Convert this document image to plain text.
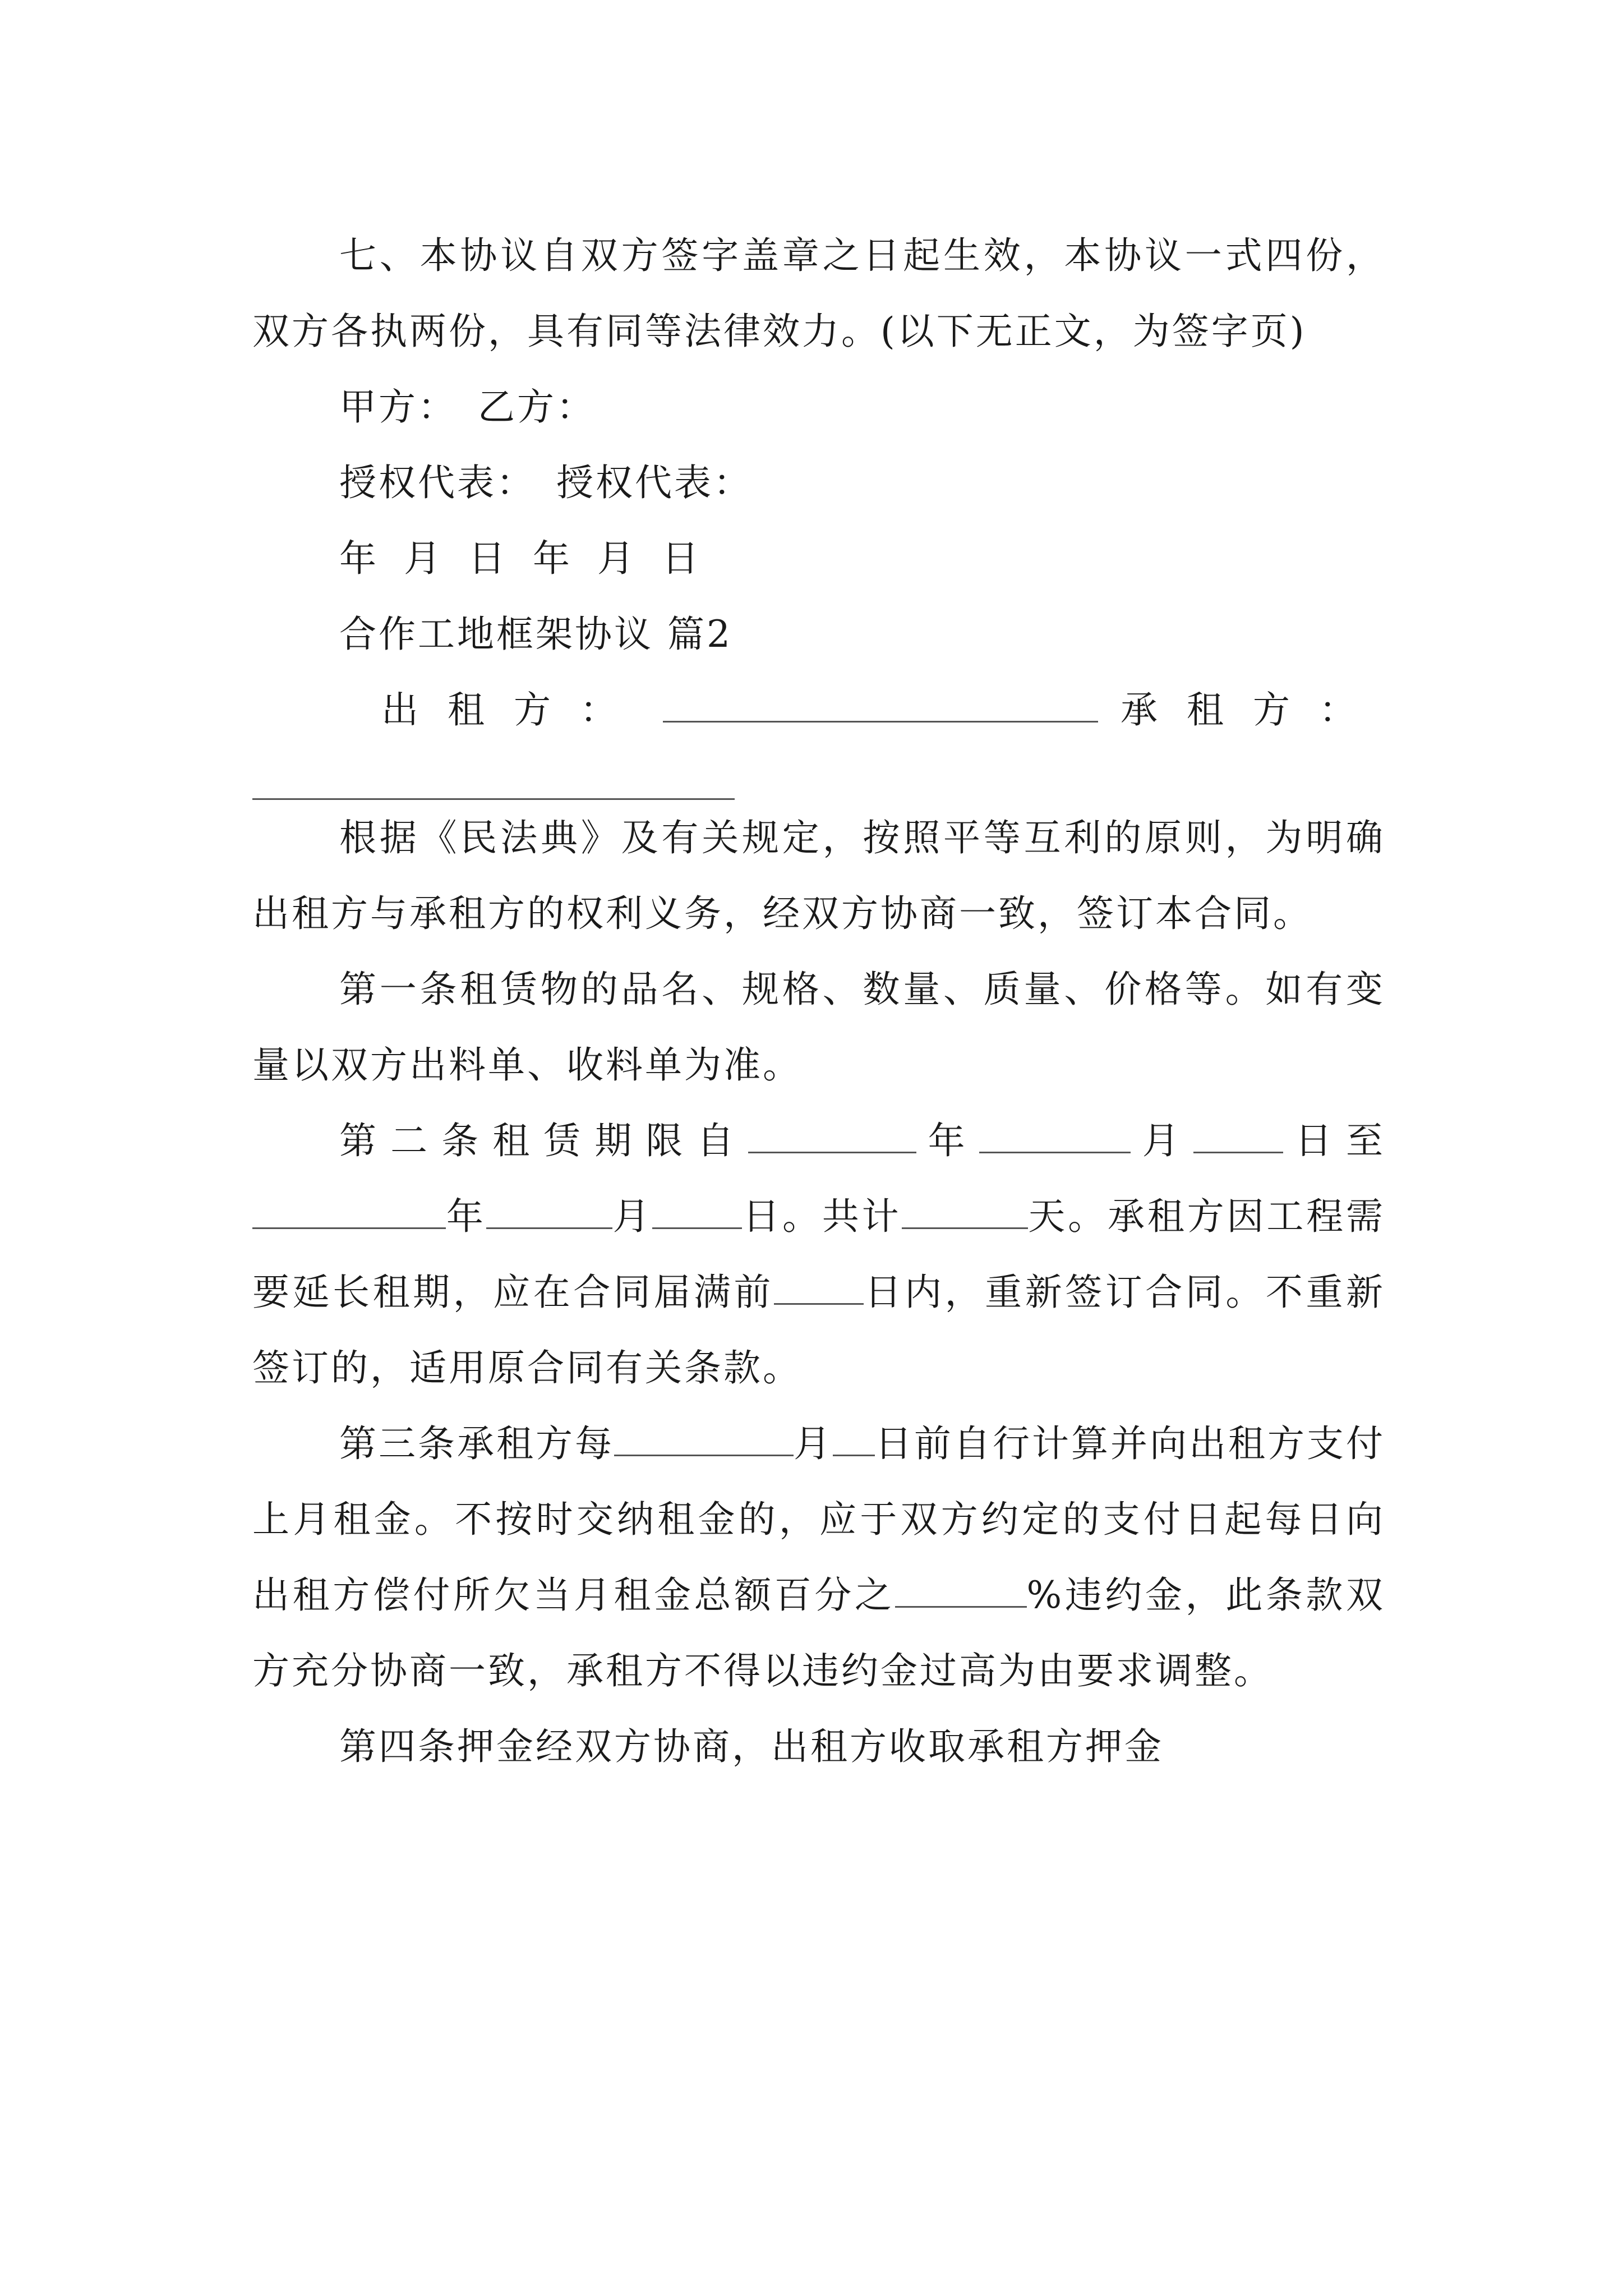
七、本协议自双方签字盖章之日起生效，本协议一式四份，双方各执两份，具有同等法律效力。(以下无正文，为签字页)

甲方：　乙方：

授权代表：　授权代表：

年 月 日 年 月 日

合作工地框架协议 篇2

出租方：	承租方：

根据《民法典》及有关规定，按照平等互利的原则，为明确出租方与承租方的权利义务，经双方协商一致，签订本合同。

第一条租赁物的品名、规格、数量、质量、价格等。如有变量以双方出料单、收料单为准。

第二条租赁期限自	年	月 日至年	月 日。共计	天。承租方因工程需要延长租期，应在合同届满前 日内，重新签订合同。不重新签订的，适用原合同有关条款。

第三条承租方每	月 日前自行计算并向出租方支付上月租金。不按时交纳租金的，应于双方约定的支付日起每日向出租方偿付所欠当月租金总额百分之	%违约金，此条款双方充分协商一致，承租方不得以违约金过高为由要求调整。

第四条押金经双方协商，出租方收取承租方押金
